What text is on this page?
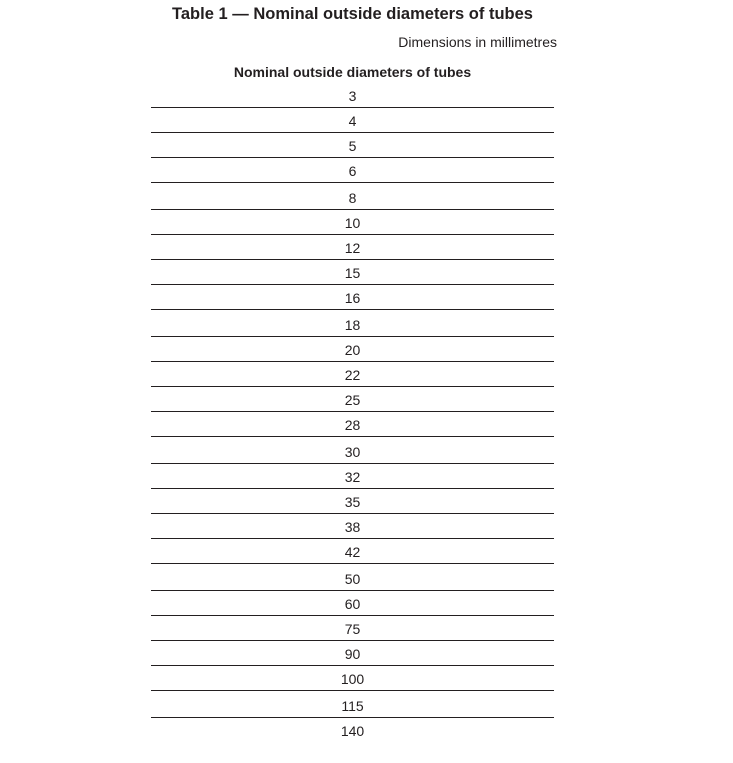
Table 1 — Nominal outside diameters of tubes
Dimensions in millimetres
Nominal outside diameters of tubes
3
4
5
6
8
10
12
15
16
18
20
22
25
28
30
32
35
38
42
50
60
75
90
100
115
140
